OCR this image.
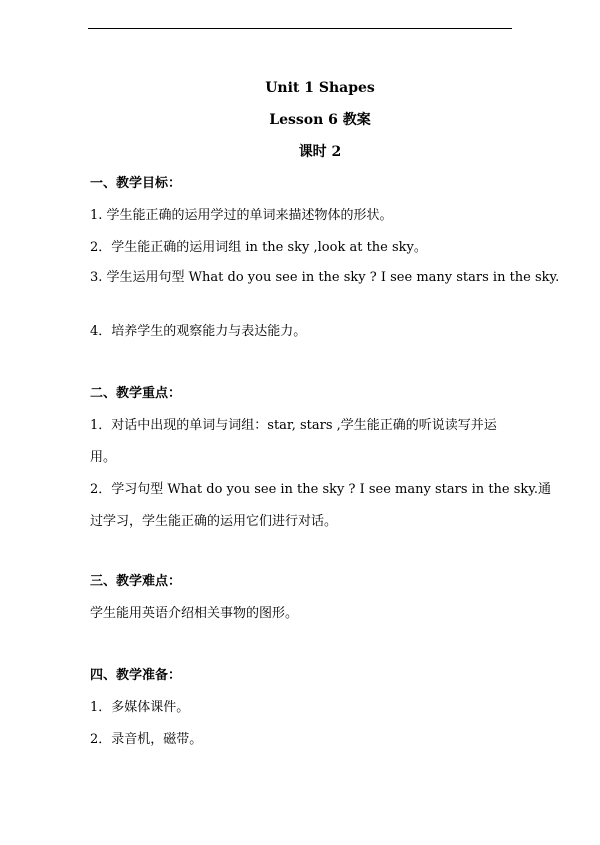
Unit 1 Shapes
Lesson 6 教案
课时 2
一、教学目标：
1. 学生能正确的运用学过的单词来描述物体的形状。
2．学生能正确的运用词组 in the sky ,look at the sky。
3. 学生运用句型 What do you see in the sky ? I see many stars in the sky.
4．培养学生的观察能力与表达能力。
二、教学重点：
1．对话中出现的单词与词组：star, stars ,学生能正确的听说读写并运
用。
2．学习句型 What do you see in the sky ? I see many stars in the sky.通
过学习，学生能正确的运用它们进行对话。
三、教学难点：
学生能用英语介绍相关事物的图形。
四、教学准备：
1．多媒体课件。
2．录音机，磁带。
